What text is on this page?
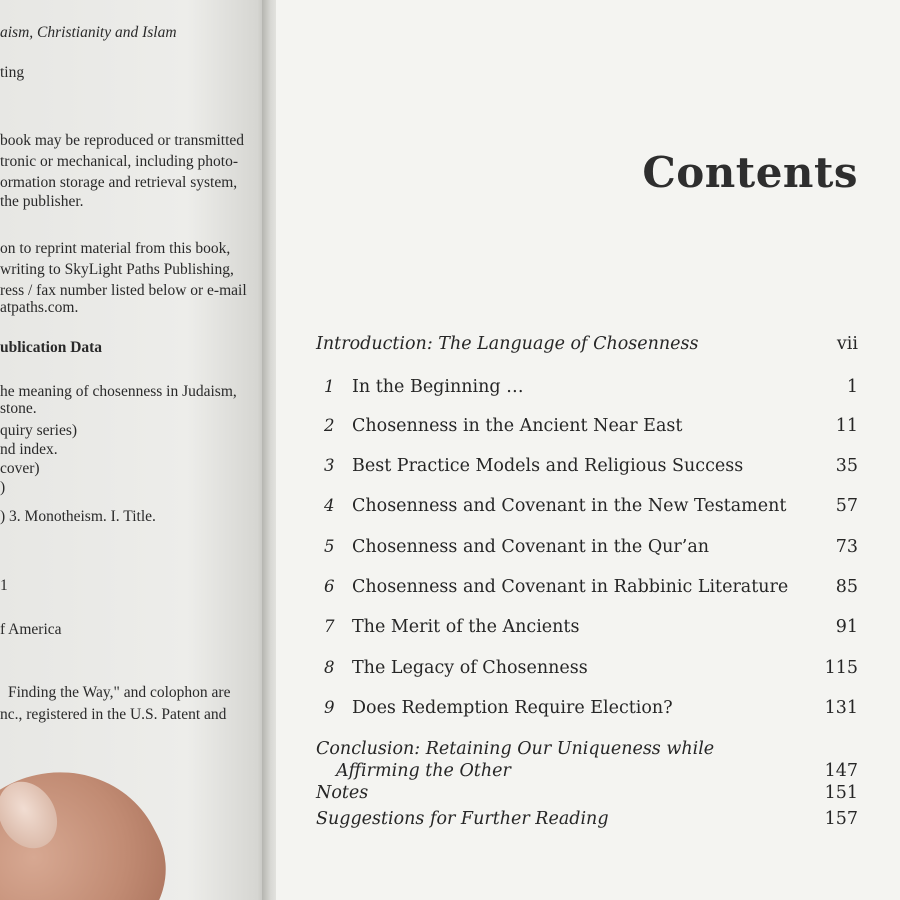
aism, Christianity and Islam
ting
book may be reproduced or transmitted
tronic or mechanical, including photo-
ormation storage and retrieval system,
the publisher.
on to reprint material from this book,
writing to SkyLight Paths Publishing,
ress / fax number listed below or e-mail
atpaths.com.
ublication Data
he meaning of chosenness in Judaism,
stone.
quiry series)
nd index.
cover)
)
) 3. Monotheism. I. Title.
1
f America
Finding the Way," and colophon are
nc., registered in the U.S. Patent and
Contents
Introduction: The Language of Chosenness	vii
1 In the Beginning …	1
2 Chosenness in the Ancient Near East	11
3 Best Practice Models and Religious Success	35
4 Chosenness and Covenant in the New Testament	57
5 Chosenness and Covenant in the Qur’an	73
6 Chosenness and Covenant in Rabbinic Literature	85
7 The Merit of the Ancients	91
8 The Legacy of Chosenness	115
9 Does Redemption Require Election?	131
Conclusion: Retaining Our Uniqueness while
Affirming the Other	147
Notes	151
Suggestions for Further Reading	157
